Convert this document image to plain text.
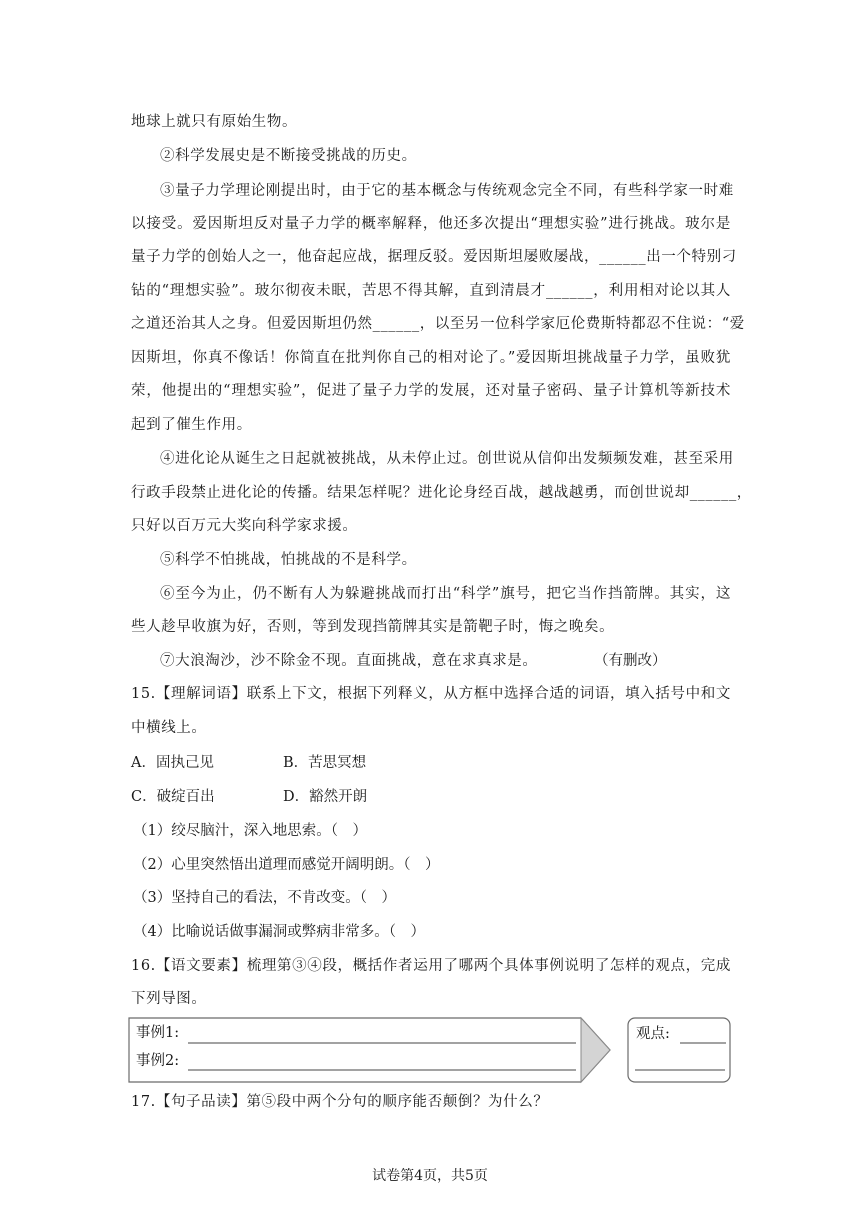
地球上就只有原始生物。
②科学发展史是不断接受挑战的历史。
③量子力学理论刚提出时，由于它的基本概念与传统观念完全不同，有些科学家一时难
以接受。爱因斯坦反对量子力学的概率解释，他还多次提出“理想实验”进行挑战。玻尔是
量子力学的创始人之一，他奋起应战，据理反驳。爱因斯坦屡败屡战，______出一个特别刁
钻的“理想实验”。玻尔彻夜未眠，苦思不得其解，直到清晨才______，利用相对论以其人
之道还治其人之身。但爱因斯坦仍然______，以至另一位科学家厄伦费斯特都忍不住说：“爱
因斯坦，你真不像话！你简直在批判你自己的相对论了。”爱因斯坦挑战量子力学，虽败犹
荣，他提出的“理想实验”，促进了量子力学的发展，还对量子密码、量子计算机等新技术
起到了催生作用。
④进化论从诞生之日起就被挑战，从未停止过。创世说从信仰出发频频发难，甚至采用
行政手段禁止进化论的传播。结果怎样呢？进化论身经百战，越战越勇，而创世说却______，
只好以百万元大奖向科学家求援。
⑤科学不怕挑战，怕挑战的不是科学。
⑥至今为止，仍不断有人为躲避挑战而打出“科学”旗号，把它当作挡箭牌。其实，这
些人趁早收旗为好，否则，等到发现挡箭牌其实是箭靶子时，悔之晚矣。
⑦大浪淘沙，沙不除金不现。直面挑战，意在求真求是。	（有删改）
15.【理解词语】联系上下文，根据下列释义，从方框中选择合适的词语，填入括号中和文
中横线上。
A．固执己见	B．苦思冥想
C．破绽百出	D．豁然开朗
（1）绞尽脑汁，深入地思索。（　）
（2）心里突然悟出道理而感觉开阔明朗。（　）
（3）坚持自己的看法，不肯改变。（　）
（4）比喻说话做事漏洞或弊病非常多。（　）
16.【语文要素】梳理第③④段，概括作者运用了哪两个具体事例说明了怎样的观点，完成
下列导图。
事例1:
事例2:
观点:
17.【句子品读】第⑤段中两个分句的顺序能否颠倒？为什么？
试卷第4页，共5页
